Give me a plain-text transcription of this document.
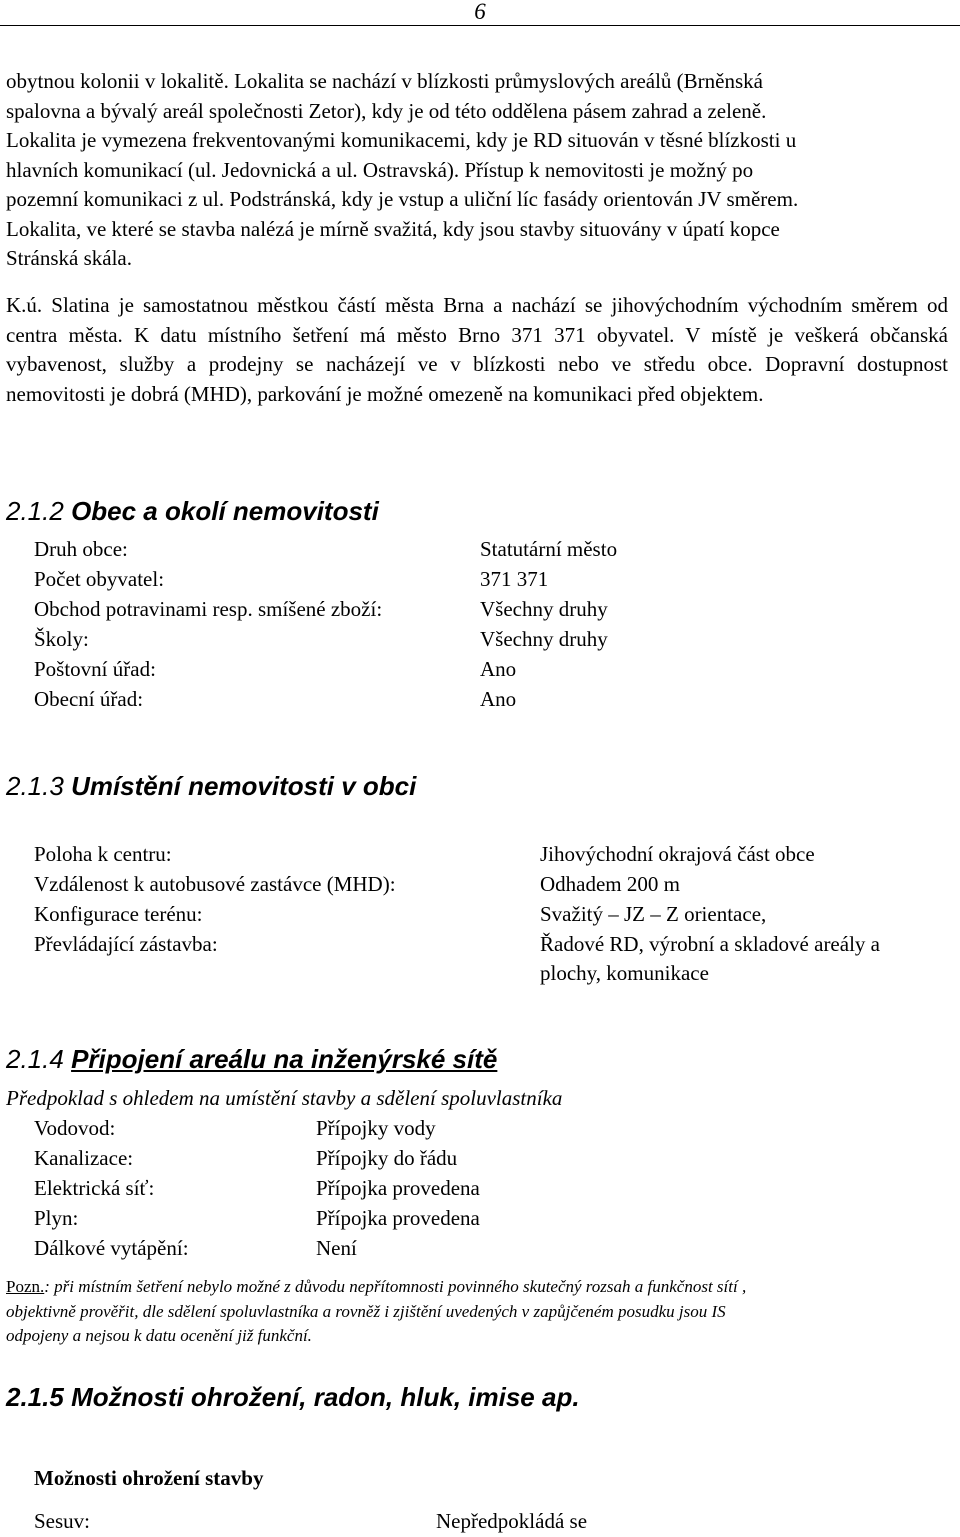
6

obytnou kolonii v lokalitě. Lokalita se nachází v blízkosti průmyslových areálů (Brněnská

spalovna a bývalý areál společnosti Zetor), kdy je od této oddělena pásem zahrad a zeleně.

Lokalita je vymezena frekventovanými komunikacemi, kdy je RD situován v těsné blízkosti u

hlavních komunikací (ul. Jedovnická a ul. Ostravská). Přístup k nemovitosti je možný po

pozemní komunikaci z ul. Podstránská, kdy je vstup a uliční líc fasády orientován JV směrem.

Lokalita, ve které se stavba nalézá je mírně svažitá, kdy jsou stavby situovány v úpatí kopce

Stránská skála.

K.ú. Slatina je samostatnou městkou částí města Brna a nachází se jihovýchodním východním směrem od centra města. K datu místního šetření má město Brno 371 371 obyvatel. V místě je veškerá občanská vybavenost, služby a prodejny se nacházejí ve v blízkosti nebo ve středu obce. Dopravní dostupnost nemovitosti je dobrá (MHD), parkování je možné omezeně na komunikaci před objektem.

2.1.2 Obec a okolí nemovitosti
Druh obce:	Statutární město
Počet obyvatel:	371 371
Obchod potravinami resp. smíšené zboží:	Všechny druhy
Školy:	Všechny druhy
Poštovní úřad:	Ano
Obecní úřad:	Ano
2.1.3 Umístění nemovitosti v obci
Poloha k centru:	Jihovýchodní okrajová část obce
Vzdálenost k autobusové zastávce (MHD):	Odhadem 200 m
Konfigurace terénu:	Svažitý – JZ – Z orientace,
Převládající zástavba:	Řadové RD, výrobní a skladové areály a
plochy, komunikace
2.1.4 Připojení areálu na inženýrské sítě
Předpoklad s ohledem na umístění stavby a sdělení spoluvlastníka
Vodovod:	Přípojky vody
Kanalizace:	Přípojky do řádu
Elektrická síť:	Přípojka provedena
Plyn:	Přípojka provedena
Dálkové vytápění:	Není
Pozn.: při místním šetření nebylo možné z důvodu nepřítomnosti povinného skutečný rozsah a funkčnost sítí ,
objektivně prověřit, dle sdělení spoluvlastníka a rovněž i zjištění uvedených v zapůjčeném posudku jsou IS
odpojeny a nejsou k datu ocenění již funkční.
2.1.5 Možnosti ohrožení, radon, hluk, imise ap.
Možnosti ohrožení stavby
Sesuv:	Nepředpokládá se
